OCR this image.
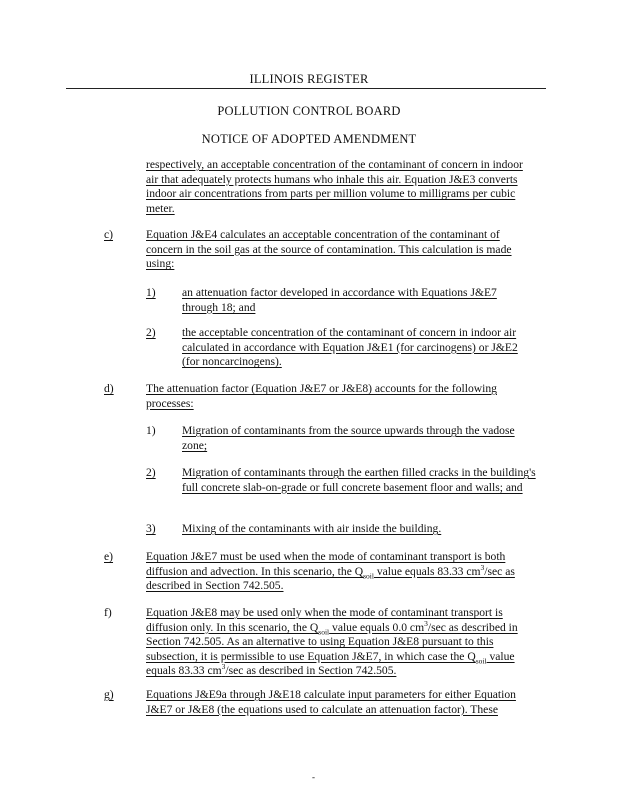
ILLINOIS REGISTER
POLLUTION CONTROL BOARD
NOTICE OF ADOPTED AMENDMENT
respectively, an acceptable concentration of the contaminant of concern in indoor air that adequately protects humans who inhale this air. Equation J&E3 converts indoor air concentrations from parts per million volume to milligrams per cubic meter.
c)	Equation J&E4 calculates an acceptable concentration of the contaminant of concern in the soil gas at the source of contamination. This calculation is made using:
1) an attenuation factor developed in accordance with Equations J&E7 through 18; and
2) the acceptable concentration of the contaminant of concern in indoor air calculated in accordance with Equation J&E1 (for carcinogens) or J&E2 (for noncarcinogens).
d)	The attenuation factor (Equation J&E7 or J&E8) accounts for the following processes:
1) Migration of contaminants from the source upwards through the vadose zone;
2) Migration of contaminants through the earthen filled cracks in the building's full concrete slab-on-grade or full concrete basement floor and walls; and
3) Mixing of the contaminants with air inside the building.
e)	Equation J&E7 must be used when the mode of contaminant transport is both diffusion and advection. In this scenario, the $Q_{soil}$ value equals 83.33 $cm^3/\sec$ as described in Section 742.505.
f)	Equation J&E8 may be used only when the mode of contaminant transport is diffusion only. In this scenario, the $Q_{soil}$ value equals 0.0 $cm^3/\sec$ as described in Section 742.505. As an alternative to using Equation J&E8 pursuant to this subsection, it is permissible to use Equation J&E7, in which case the $Q_{soil}$ value equals 83.33 $cm^3/\sec$ as described in Section 742.505.
g)	Equations J&E9a through J&E18 calculate input parameters for either Equation J&E7 or J&E8 (the equations used to calculate an attenuation factor). These
-
